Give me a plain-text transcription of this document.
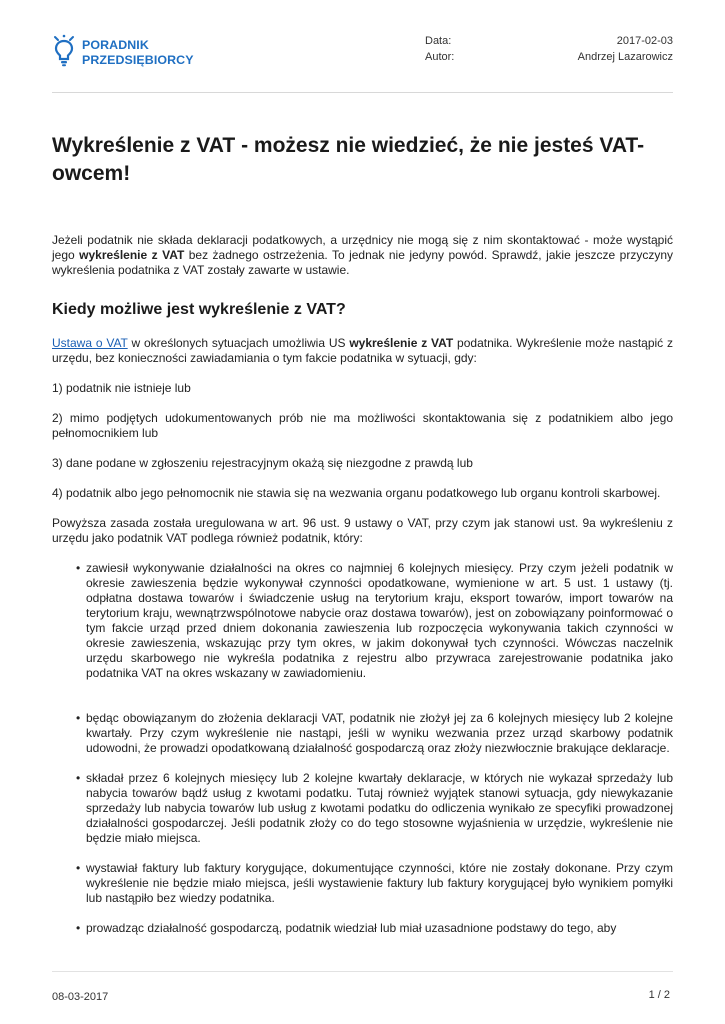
PORADNIK
PRZEDSIĘBIORCY
Data:	2017-02-03
Autor:	Andrzej Lazarowicz
Wykreślenie z VAT - możesz nie wiedzieć, że nie jesteś VAT-owcem!

Jeżeli podatnik nie składa deklaracji podatkowych, a urzędnicy nie mogą się z nim skontaktować - może wystąpić jego wykreślenie z VAT bez żadnego ostrzeżenia. To jednak nie jedyny powód. Sprawdź, jakie jeszcze przyczyny wykreślenia podatnika z VAT zostały zawarte w ustawie.

Kiedy możliwe jest wykreślenie z VAT?

Ustawa o VAT w określonych sytuacjach umożliwia US wykreślenie z VAT podatnika. Wykreślenie może nastąpić z urzędu, bez konieczności zawiadamiania o tym fakcie podatnika w sytuacji, gdy:

1) podatnik nie istnieje lub

2) mimo podjętych udokumentowanych prób nie ma możliwości skontaktowania się z podatnikiem albo jego pełnomocnikiem lub

3) dane podane w zgłoszeniu rejestracyjnym okażą się niezgodne z prawdą lub

4) podatnik albo jego pełnomocnik nie stawia się na wezwania organu podatkowego lub organu kontroli skarbowej.

Powyższa zasada została uregulowana w art. 96 ust. 9 ustawy o VAT, przy czym jak stanowi ust. 9a wykreśleniu z urzędu jako podatnik VAT podlega również podatnik, który:

• zawiesił wykonywanie działalności na okres co najmniej 6 kolejnych miesięcy. Przy czym jeżeli podatnik w okresie zawieszenia będzie wykonywał czynności opodatkowane, wymienione w art. 5 ust. 1 ustawy (tj. odpłatna dostawa towarów i świadczenie usług na terytorium kraju, eksport towarów, import towarów na terytorium kraju, wewnątrzwspólnotowe nabycie oraz dostawa towarów), jest on zobowiązany poinformować o tym fakcie urząd przed dniem dokonania zawieszenia lub rozpoczęcia wykonywania takich czynności w okresie zawieszenia, wskazując przy tym okres, w jakim dokonywał tych czynności. Wówczas naczelnik urzędu skarbowego nie wykreśla podatnika z rejestru albo przywraca zarejestrowanie podatnika jako podatnika VAT na okres wskazany w zawiadomieniu.
• będąc obowiązanym do złożenia deklaracji VAT, podatnik nie złożył jej za 6 kolejnych miesięcy lub 2 kolejne kwartały. Przy czym wykreślenie nie nastąpi, jeśli w wyniku wezwania przez urząd skarbowy podatnik udowodni, że prowadzi opodatkowaną działalność gospodarczą oraz złoży niezwłocznie brakujące deklaracje.
• składał przez 6 kolejnych miesięcy lub 2 kolejne kwartały deklaracje, w których nie wykazał sprzedaży lub nabycia towarów bądź usług z kwotami podatku. Tutaj również wyjątek stanowi sytuacja, gdy niewykazanie sprzedaży lub nabycia towarów lub usług z kwotami podatku do odliczenia wynikało ze specyfiki prowadzonej działalności gospodarczej. Jeśli podatnik złoży co do tego stosowne wyjaśnienia w urzędzie, wykreślenie nie będzie miało miejsca.
• wystawiał faktury lub faktury korygujące, dokumentujące czynności, które nie zostały dokonane. Przy czym wykreślenie nie będzie miało miejsca, jeśli wystawienie faktury lub faktury korygującej było wynikiem pomyłki lub nastąpiło bez wiedzy podatnika.
• prowadząc działalność gospodarczą, podatnik wiedział lub miał uzasadnione podstawy do tego, aby
08-03-2017	1 / 2
